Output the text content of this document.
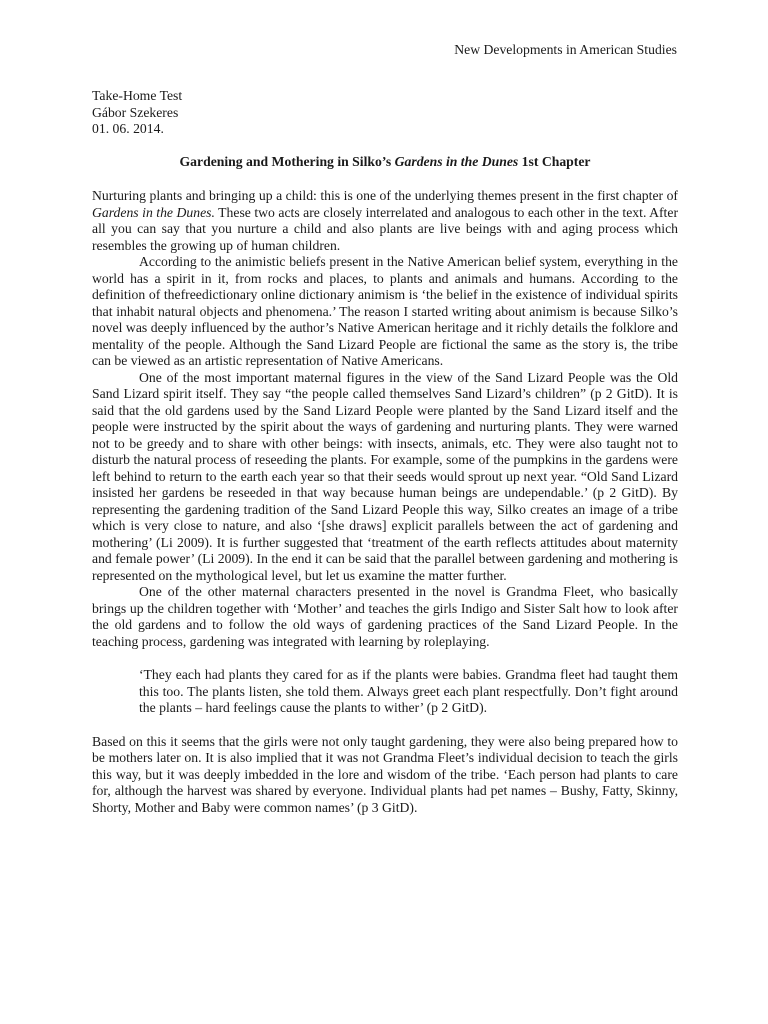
New Developments in American Studies
Take-Home Test
Gábor Szekeres
01. 06. 2014.
Gardening and Mothering in Silko’s Gardens in the Dunes 1st Chapter

Nurturing plants and bringing up a child: this is one of the underlying themes present in the first chapter of Gardens in the Dunes. These two acts are closely interrelated and analogous to each other in the text. After all you can say that you nurture a child and also plants are live beings with and aging process which resembles the growing up of human children.

According to the animistic beliefs present in the Native American belief system, everything in the world has a spirit in it, from rocks and places, to plants and animals and humans. According to the definition of thefreedictionary online dictionary animism is ‘the belief in the existence of individual spirits that inhabit natural objects and phenomena.’ The reason I started writing about animism is because Silko’s novel was deeply influenced by the author’s Native American heritage and it richly details the folklore and mentality of the people. Although the Sand Lizard People are fictional the same as the story is, the tribe can be viewed as an artistic representation of Native Americans.

One of the most important maternal figures in the view of the Sand Lizard People was the Old Sand Lizard spirit itself. They say “the people called themselves Sand Lizard’s children” (p 2 GitD). It is said that the old gardens used by the Sand Lizard People were planted by the Sand Lizard itself and the people were instructed by the spirit about the ways of gardening and nurturing plants. They were warned not to be greedy and to share with other beings: with insects, animals, etc. They were also taught not to disturb the natural process of reseeding the plants. For example, some of the pumpkins in the gardens were left behind to return to the earth each year so that their seeds would sprout up next year. “Old Sand Lizard insisted her gardens be reseeded in that way because human beings are undependable.’ (p 2 GitD). By representing the gardening tradition of the Sand Lizard People this way, Silko creates an image of a tribe which is very close to nature, and also ‘[she draws] explicit parallels between the act of gardening and mothering’ (Li 2009). It is further suggested that ‘treatment of the earth reflects attitudes about maternity and female power’ (Li 2009). In the end it can be said that the parallel between gardening and mothering is represented on the mythological level, but let us examine the matter further.

One of the other maternal characters presented in the novel is Grandma Fleet, who basically brings up the children together with ‘Mother’ and teaches the girls Indigo and Sister Salt how to look after the old gardens and to follow the old ways of gardening practices of the Sand Lizard People. In the teaching process, gardening was integrated with learning by roleplaying.

‘They each had plants they cared for as if the plants were babies. Grandma fleet had taught them this too. The plants listen, she told them. Always greet each plant respectfully. Don’t fight around the plants – hard feelings cause the plants to wither’ (p 2 GitD).

Based on this it seems that the girls were not only taught gardening, they were also being prepared how to be mothers later on. It is also implied that it was not Grandma Fleet’s individual decision to teach the girls this way, but it was deeply imbedded in the lore and wisdom of the tribe. ‘Each person had plants to care for, although the harvest was shared by everyone. Individual plants had pet names – Bushy, Fatty, Skinny, Shorty, Mother and Baby were common names’ (p 3 GitD).
